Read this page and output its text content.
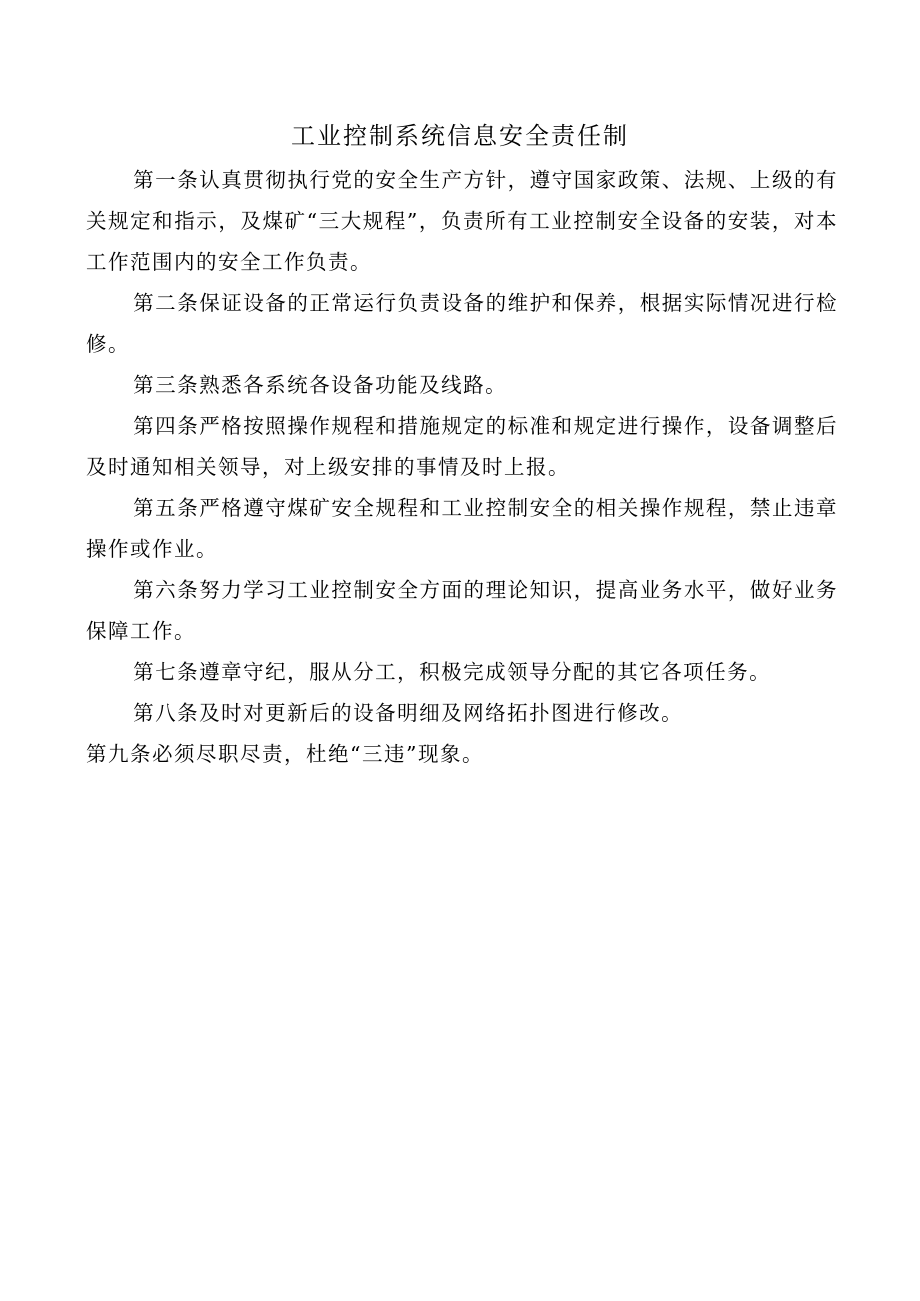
工业控制系统信息安全责任制

第一条认真贯彻执行党的安全生产方针，遵守国家政策、法规、上级的有关规定和指示，及煤矿“三大规程”，负责所有工业控制安全设备的安装，对本工作范围内的安全工作负责。

第二条保证设备的正常运行负责设备的维护和保养，根据实际情况进行检修。

第三条熟悉各系统各设备功能及线路。

第四条严格按照操作规程和措施规定的标准和规定进行操作，设备调整后及时通知相关领导，对上级安排的事情及时上报。

第五条严格遵守煤矿安全规程和工业控制安全的相关操作规程，禁止违章操作或作业。

第六条努力学习工业控制安全方面的理论知识，提高业务水平，做好业务保障工作。

第七条遵章守纪，服从分工，积极完成领导分配的其它各项任务。

第八条及时对更新后的设备明细及网络拓扑图进行修改。

第九条必须尽职尽责，杜绝“三违”现象。
